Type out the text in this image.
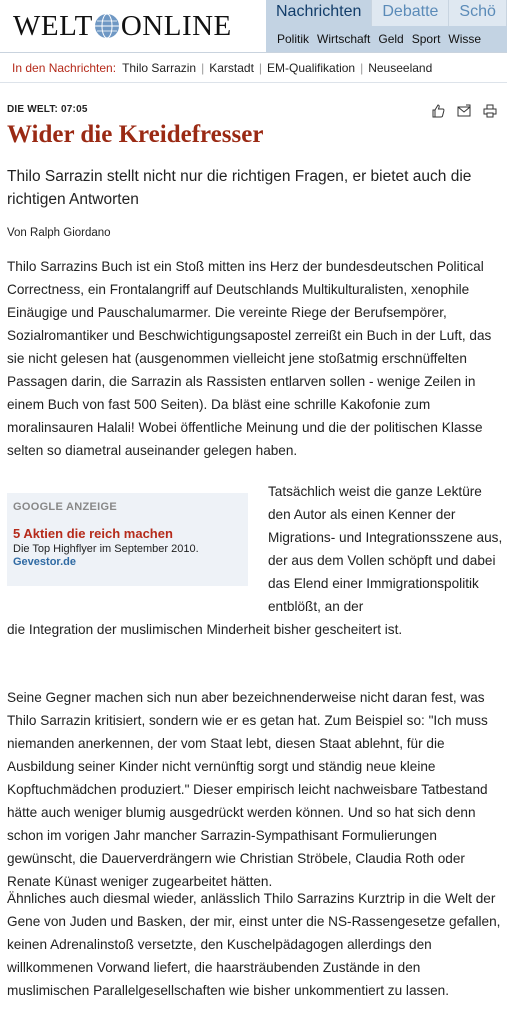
WELT ONLINE	Nachrichten	Debatte	Schö
Politik Wirtschaft Geld Sport Wisse
In den Nachrichten: Thilo Sarrazin | Karstadt | EM-Qualifikation | Neuseeland
DIE WELT: 07:05
Wider die Kreidefresser

Thilo Sarrazin stellt nicht nur die richtigen Fragen, er bietet auch die richtigen Antworten

Von Ralph Giordano

Thilo Sarrazins Buch ist ein Stoß mitten ins Herz der bundesdeutschen Political Correctness, ein Frontalangriff auf Deutschlands Multikulturalisten, xenophile Einäugige und Pauschalumarmer. Die vereinte Riege der Berufsempörer, Sozialromantiker und Beschwichtigungsapostel zerreißt ein Buch in der Luft, das sie nicht gelesen hat (ausgenommen vielleicht jene stoßatmig erschnüffelten Passagen darin, die Sarrazin als Rassisten entlarven sollen - wenige Zeilen in einem Buch von fast 500 Seiten). Da bläst eine schrille Kakofonie zum moralinsauren Halali! Wobei öffentliche Meinung und die der politischen Klasse selten so diametral auseinander gelegen haben.

GOOGLE ANZEIGE
5 Aktien die reich machen
Die Top Highflyer im September 2010.
Gevestor.de

Tatsächlich weist die ganze Lektüre den Autor als einen Kenner der Migrations- und Integrationsszene aus, der aus dem Vollen schöpft und dabei das Elend einer Immigrationspolitik entblößt, an der

die Integration der muslimischen Minderheit bisher gescheitert ist.

Seine Gegner machen sich nun aber bezeichnenderweise nicht daran fest, was Thilo Sarrazin kritisiert, sondern wie er es getan hat. Zum Beispiel so: "Ich muss niemanden anerkennen, der vom Staat lebt, diesen Staat ablehnt, für die Ausbildung seiner Kinder nicht vernünftig sorgt und ständig neue kleine Kopftuchmädchen produziert." Dieser empirisch leicht nachweisbare Tatbestand hätte auch weniger blumig ausgedrückt werden können. Und so hat sich denn schon im vorigen Jahr mancher Sarrazin-Sympathisant Formulierungen gewünscht, die Dauerverdrängern wie Christian Ströbele, Claudia Roth oder Renate Künast weniger zugearbeitet hätten.

Ähnliches auch diesmal wieder, anlässlich Thilo Sarrazins Kurztrip in die Welt der Gene von Juden und Basken, der mir, einst unter die NS-Rassengesetze gefallen, keinen Adrenalinstoß versetzte, den Kuschelpädagogen allerdings den willkommenen Vorwand liefert, die haarsträubenden Zustände in den muslimischen Parallelgesellschaften wie bisher unkommentiert zu lassen.
